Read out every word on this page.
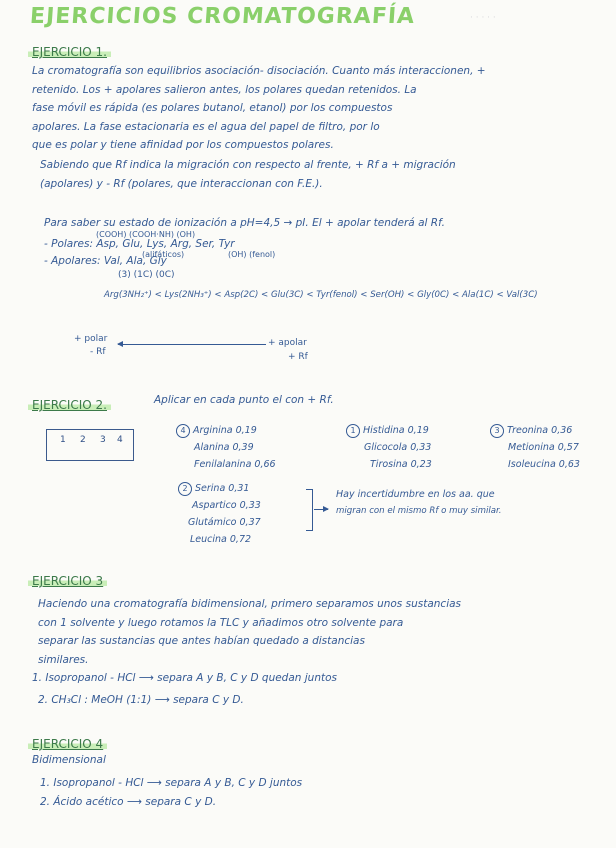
· · · · ·
EJERCICIOS CROMATOGRAFÍA
EJERCICIO 1.
La cromatografía son equilibrios asociación- disociación. Cuanto más interaccionen, +
retenido. Los + apolares salieron antes, los polares quedan retenidos. La
fase móvil es rápida (es polares butanol, etanol) por los compuestos
apolares. La fase estacionaria es el agua del papel de filtro, por lo
que es polar y tiene afinidad por los compuestos polares.
Sabiendo que Rf indica la migración con respecto al frente, + Rf a + migración
(apolares) y - Rf (polares, que interaccionan con F.E.).
Para saber su estado de ionización a pH=4,5 → pI. El + apolar tenderá al Rf.
(COOH) (COOH·NH) (OH)
- Polares: Asp, Glu, Lys, Arg, Ser, Tyr
(OH) (fenol)
- Apolares: Val, Ala, Gly
(alifáticos)
(3) (1C) (0C)
Arg(3NH₂⁺) < Lys(2NH₃⁺) < Asp(2C) < Glu(3C) < Tyr(fenol) < Ser(OH) < Gly(0C) < Ala(1C) < Val(3C)
+ polar
- Rf
+ apolar
+ Rf
EJERCICIO 2.	Aplicar en cada punto el con + Rf.
1 2 3 4
4 Arginina 0,19
Alanina 0,39
Fenilalanina 0,66
1 Histidina 0,19
Glicocola 0,33
Tirosina 0,23
3 Treonina 0,36
Metionina 0,57
Isoleucina 0,63
2 Serina 0,31
Aspartico 0,33
Glutámico 0,37
Leucina 0,72
Hay incertidumbre en los aa. que
migran con el mismo Rf o muy similar.
EJERCICIO 3
Haciendo una cromatografía bidimensional, primero separamos unos sustancias
con 1 solvente y luego rotamos la TLC y añadimos otro solvente para
separar las sustancias que antes habían quedado a distancias
similares.
1. Isopropanol - HCl ⟶ separa A y B, C y D quedan juntos
2. CH₃Cl : MeOH (1:1) ⟶ separa C y D.
EJERCICIO 4
Bidimensional
1. Isopropanol - HCl ⟶ separa A y B, C y D juntos
2. Ácido acético ⟶ separa C y D.
